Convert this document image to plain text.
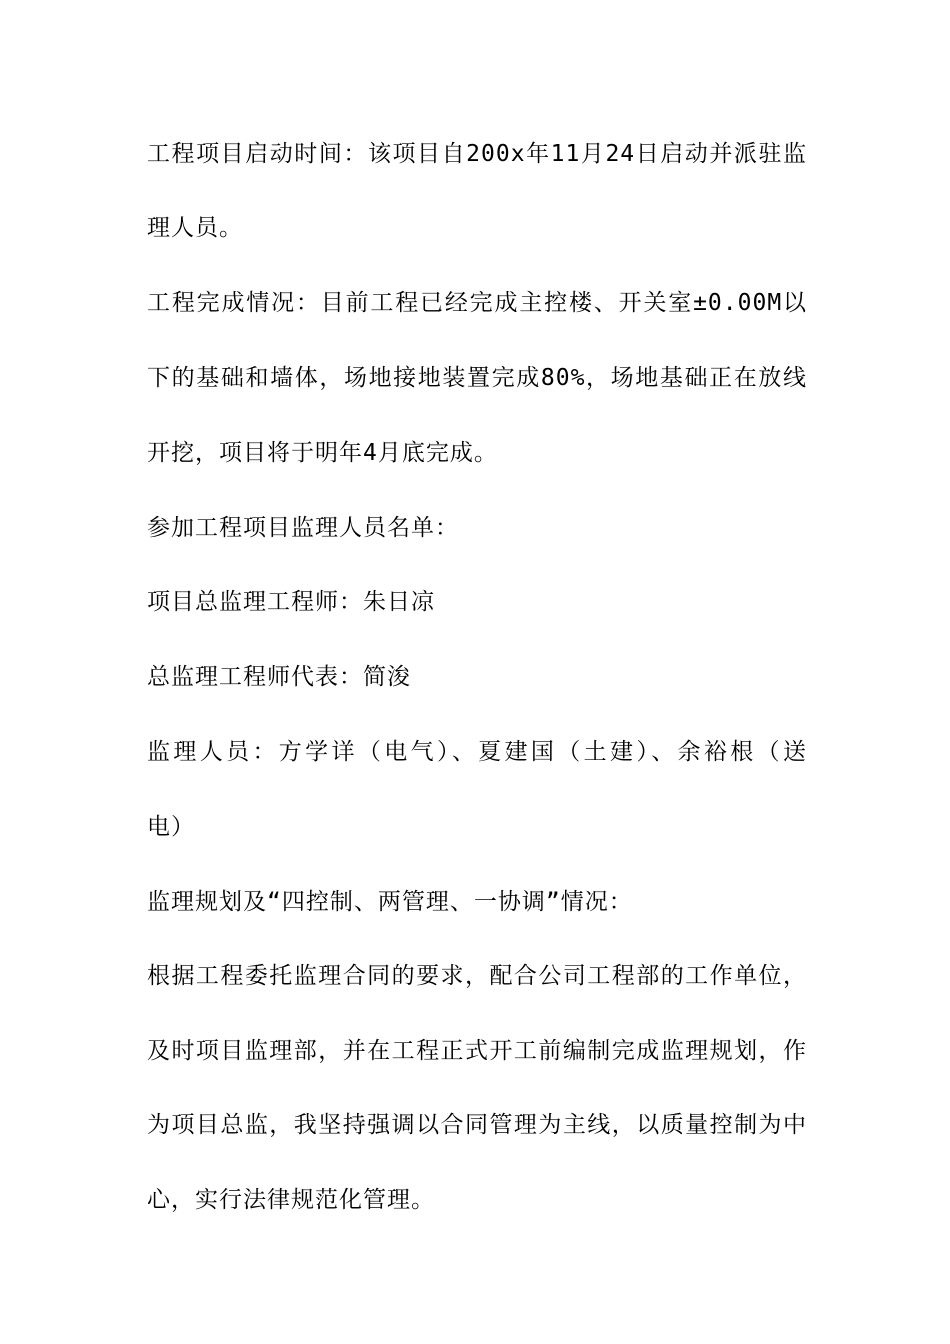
工程项目启动时间：该项目自200x年11月24日启动并派驻监
理人员。
工程完成情况：目前工程已经完成主控楼、开关室±0.00M以
下的基础和墙体，场地接地装置完成80%，场地基础正在放线
开挖，项目将于明年4月底完成。
参加工程项目监理人员名单：
项目总监理工程师：朱日凉
总监理工程师代表：简浚
监理人员：方学详（电气）、夏建国（土建）、余裕根（送
电）
监理规划及“四控制、两管理、一协调”情况：
根据工程委托监理合同的要求，配合公司工程部的工作单位，
及时项目监理部，并在工程正式开工前编制完成监理规划，作
为项目总监，我坚持强调以合同管理为主线，以质量控制为中
心，实行法律规范化管理。
